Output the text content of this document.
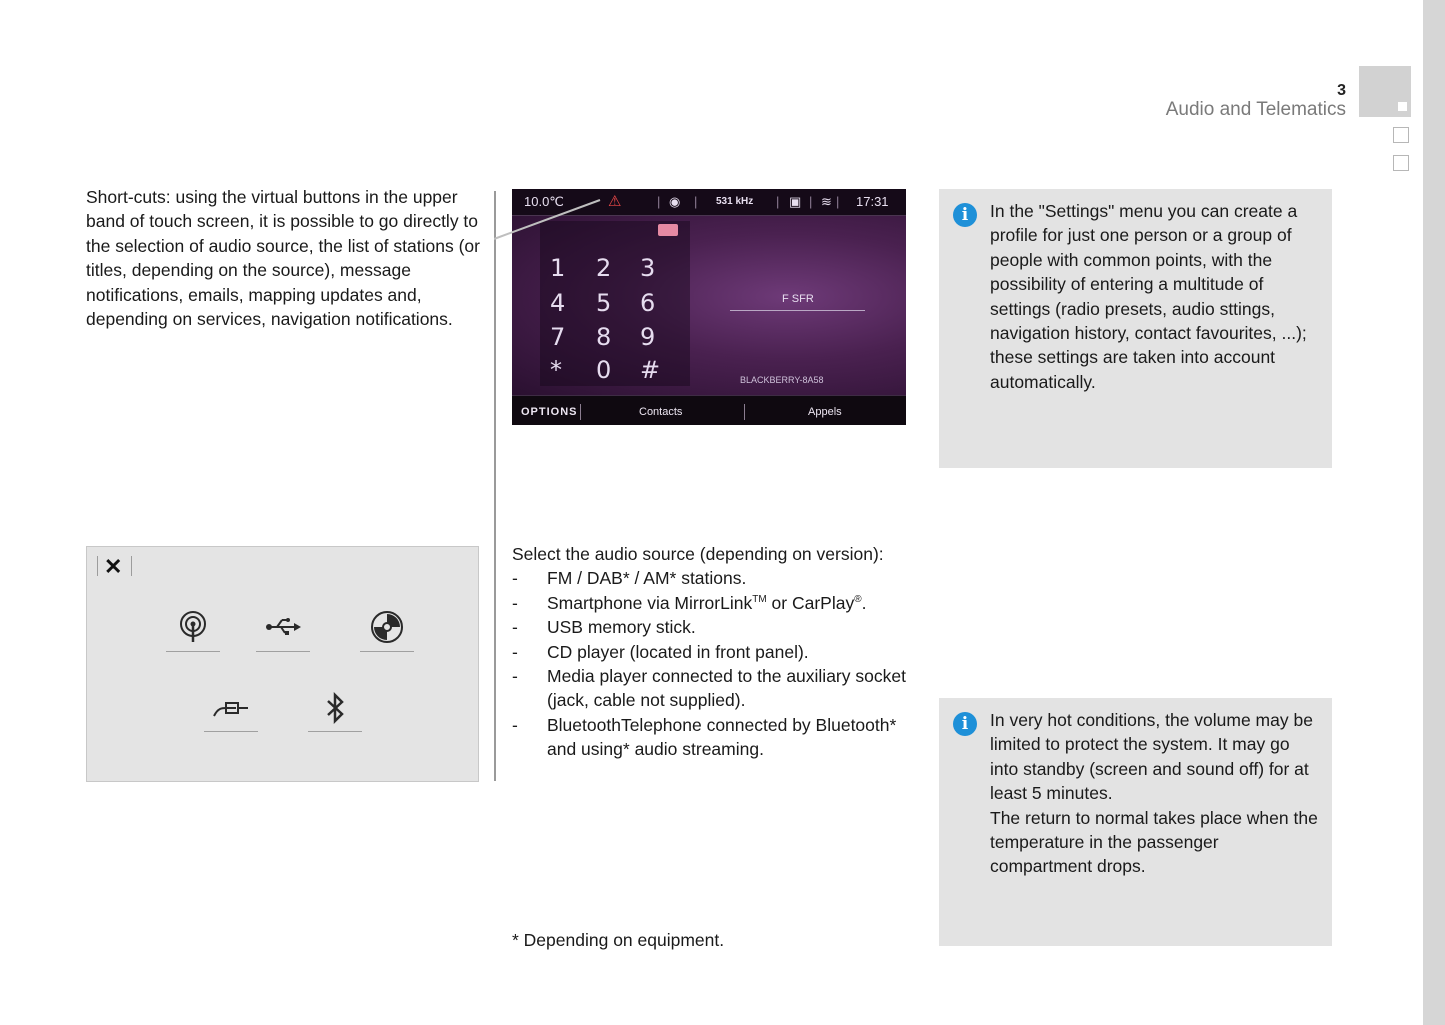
3
Audio and Telematics

Short-cuts: using the virtual buttons in the upper band of touch screen, it is possible to go directly to the selection of audio source, the list of stations (or titles, depending on the source), message notifications, emails, mapping updates and, depending on services, navigation notifications.

10.0℃	⚠	| ◉ | 531 kHz | ▣ | ≋ | 17:31
1 2 3
4 5 6
7 8 9
* 0 #
F SFR
BLACKBERRY-8A58
OPTIONS	Contacts	Appels
✕	Select the audio source (depending on version):
- FM / DAB* / AM* stations.
- Smartphone via MirrorLink™ or CarPlay®.
- USB memory stick.
- CD player (located in front panel).
- Media player connected to the auxiliary socket (jack, cable not supplied).
- BluetoothTelephone connected by Bluetooth* and using* audio streaming.

* Depending on equipment.

i	In the "Settings" menu you can create a profile for just one person or a group of people with common points, with the possibility of entering a multitude of settings (radio presets, audio sttings, navigation history, contact favourites, ...); these settings are taken into account automatically.
i	In very hot conditions, the volume may be limited to protect the system. It may go into standby (screen and sound off) for at least 5 minutes.
The return to normal takes place when the temperature in the passenger compartment drops.
